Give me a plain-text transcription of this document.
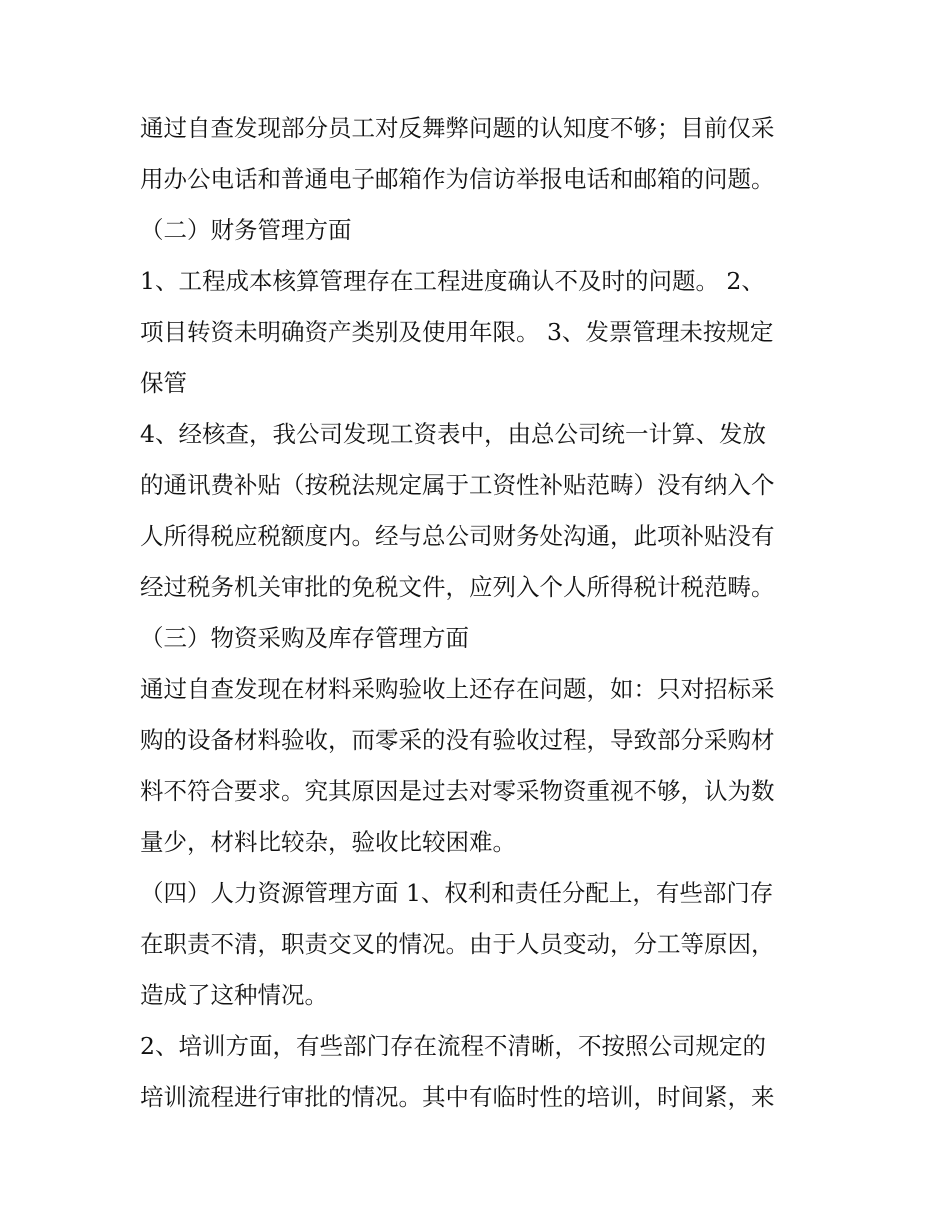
通过自查发现部分员工对反舞弊问题的认知度不够；目前仅采

用办公电话和普通电子邮箱作为信访举报电话和邮箱的问题。

（二）财务管理方面

1、工程成本核算管理存在工程进度确认不及时的问题。 2、

项目转资未明确资产类别及使用年限。 3、发票管理未按规定

保管

4、经核查，我公司发现工资表中，由总公司统一计算、发放

的通讯费补贴（按税法规定属于工资性补贴范畴）没有纳入个

人所得税应税额度内。经与总公司财务处沟通，此项补贴没有

经过税务机关审批的免税文件，应列入个人所得税计税范畴。

（三）物资采购及库存管理方面

通过自查发现在材料采购验收上还存在问题，如：只对招标采

购的设备材料验收，而零采的没有验收过程，导致部分采购材

料不符合要求。究其原因是过去对零采物资重视不够，认为数

量少，材料比较杂，验收比较困难。

（四）人力资源管理方面 1、权利和责任分配上，有些部门存

在职责不清，职责交叉的情况。由于人员变动，分工等原因，

造成了这种情况。

2、培训方面，有些部门存在流程不清晰，不按照公司规定的

培训流程进行审批的情况。其中有临时性的培训，时间紧，来
